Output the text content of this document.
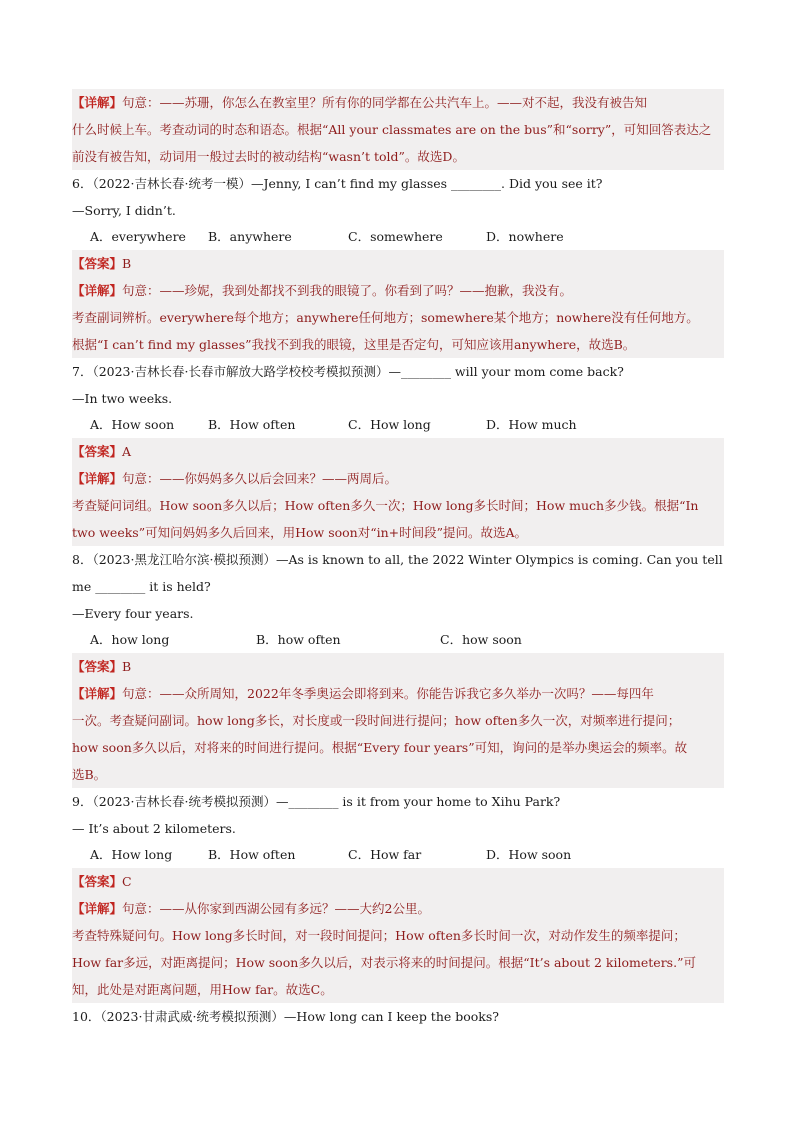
【详解】句意：——苏珊，你怎么在教室里？所有你的同学都在公共汽车上。——对不起，我没有被告知
什么时候上车。考查动词的时态和语态。根据“All your classmates are on the bus”和“sorry”，可知回答表达之
前没有被告知，动词用一般过去时的被动结构“wasn’t told”。故选D。
6．（2022·吉林长春·统考一模）—Jenny, I can’t find my glasses ________. Did you see it?
—Sorry, I didn’t.
A．everywhere B．anywhere	C．somewhere	D．nowhere
【答案】B
【详解】句意：——珍妮，我到处都找不到我的眼镜了。你看到了吗？——抱歉，我没有。
考查副词辨析。everywhere每个地方；anywhere任何地方；somewhere某个地方；nowhere没有任何地方。
根据“I can’t find my glasses”我找不到我的眼镜，这里是否定句，可知应该用anywhere，故选B。
7．（2023·吉林长春·长春市解放大路学校校考模拟预测）—________ will your mom come back?
—In two weeks.
A．How soon	B．How often	C．How long	D．How much
【答案】A
【详解】句意：——你妈妈多久以后会回来？——两周后。
考查疑问词组。How soon多久以后；How often多久一次；How long多长时间；How much多少钱。根据“In
two weeks”可知问妈妈多久后回来，用How soon对“in+时间段”提问。故选A。
8．（2023·黑龙江哈尔滨·模拟预测）—As is known to all, the 2022 Winter Olympics is coming. Can you tell
me ________ it is held?
—Every four years.
A．how long	B．how often	C．how soon
【答案】B
【详解】句意：——众所周知，2022年冬季奥运会即将到来。你能告诉我它多久举办一次吗？——每四年
一次。考查疑问副词。how long多长，对长度或一段时间进行提问；how often多久一次，对频率进行提问；
how soon多久以后，对将来的时间进行提问。根据“Every four years”可知，询问的是举办奥运会的频率。故
选B。
9．（2023·吉林长春·统考模拟预测）—________ is it from your home to Xihu Park?
— It’s about 2 kilometers.
A．How long	B．How often	C．How far	D．How soon
【答案】C
【详解】句意：——从你家到西湖公园有多远？——大约2公里。
考查特殊疑问句。How long多长时间，对一段时间提问；How often多长时间一次，对动作发生的频率提问；
How far多远，对距离提问；How soon多久以后，对表示将来的时间提问。根据“It’s about 2 kilometers.”可
知，此处是对距离问题，用How far。故选C。
10．（2023·甘肃武威·统考模拟预测）—How long can I keep the books?
